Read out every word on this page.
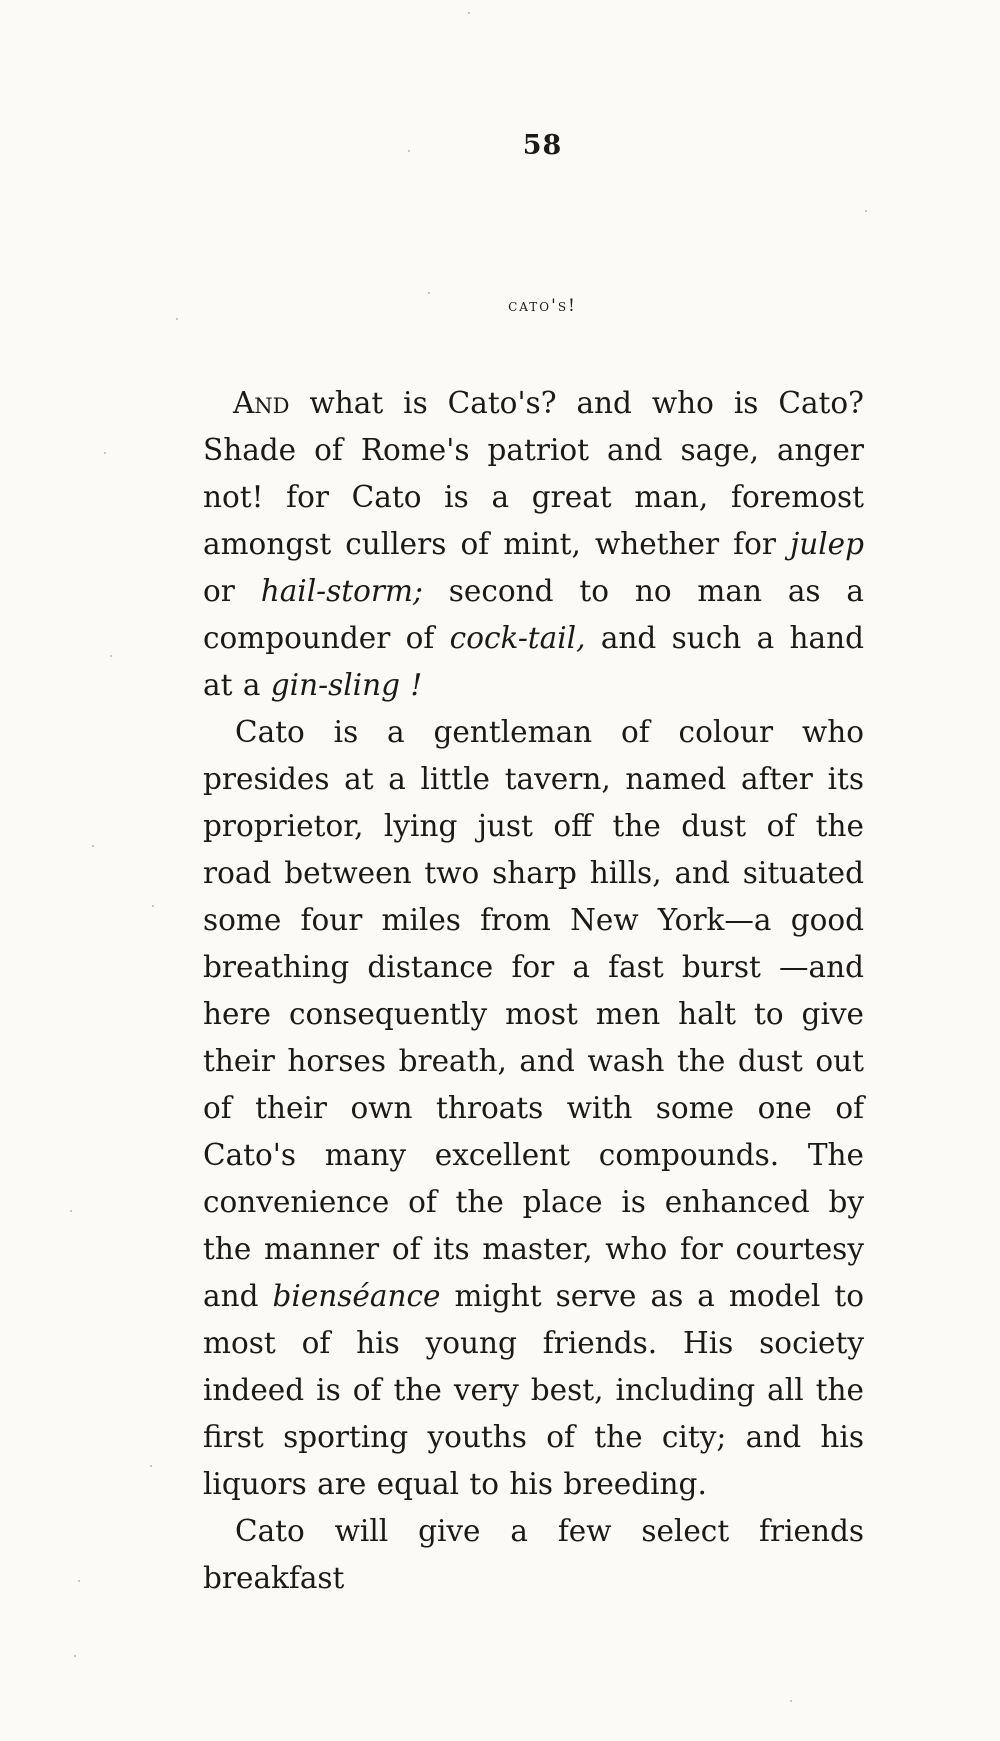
58
cato's!

And what is Cato's? and who is Cato? Shade of Rome's patriot and sage, anger not! for Cato is a great man, foremost amongst cullers of mint, whether for julep or hail-storm; second to no man as a compounder of cock-tail, and such a hand at a gin-sling !

Cato is a gentleman of colour who presides at a little tavern, named after its proprietor, lying just off the dust of the road between two sharp hills, and situated some four miles from New York—a good breathing distance for a fast burst —and here consequently most men halt to give their horses breath, and wash the dust out of their own throats with some one of Cato's many excellent compounds. The convenience of the place is enhanced by the manner of its master, who for courtesy and bienséance might serve as a model to most of his young friends. His society indeed is of the very best, including all the first sporting youths of the city; and his liquors are equal to his breeding.

Cato will give a few select friends breakfast
